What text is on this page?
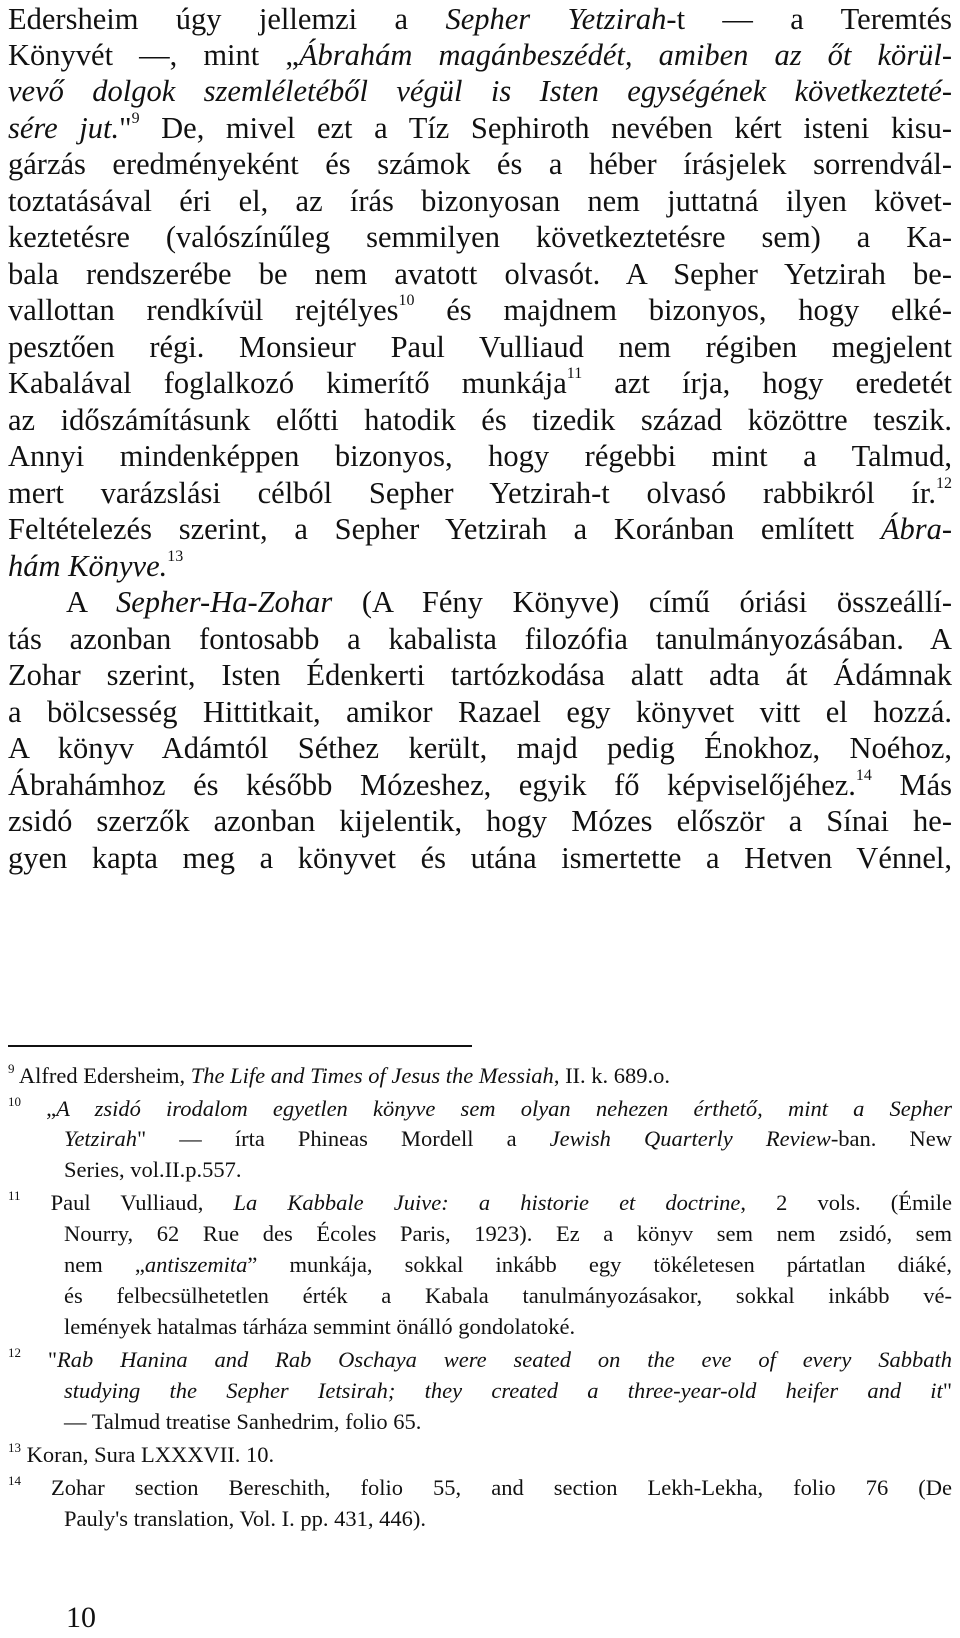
Edersheim úgy jellemzi a Sepher Yetzirah-t — a Teremtés

Könyvét —, mint „Ábrahám magánbeszédét, amiben az őt körül-

vevő dolgok szemléletéből végül is Isten egységének következteté-

sére jut."$^9$ De, mivel ezt a Tíz Sephiroth nevében kért isteni kisu-

gárzás eredményeként és számok és a héber írásjelek sorrendvál-

toztatásával éri el, az írás bizonyosan nem juttatná ilyen követ-

keztetésre (valószínűleg semmilyen következtetésre sem) a Ka-

bala rendszerébe be nem avatott olvasót. A Sepher Yetzirah be-

vallottan rendkívül rejtélyes$^{10}$ és majdnem bizonyos, hogy elké-

pesztően régi. Monsieur Paul Vulliaud nem régiben megjelent

Kabalával foglalkozó kimerítő munkája$^{11}$ azt írja, hogy eredetét

az időszámításunk előtti hatodik és tizedik század közöttre teszik.

Annyi mindenképpen bizonyos, hogy régebbi mint a Talmud,

mert varázslási célból Sepher Yetzirah-t olvasó rabbikról ír.$^{12}$

Feltételezés szerint, a Sepher Yetzirah a Koránban említett Ábra-

hám Könyve.$^{13}$

A Sepher-Ha-Zohar (A Fény Könyve) című óriási összeállí-

tás azonban fontosabb a kabalista filozófia tanulmányozásában. A

Zohar szerint, Isten Édenkerti tartózkodása alatt adta át Ádámnak

a bölcsesség Hittitkait, amikor Razael egy könyvet vitt el hozzá.

A könyv Adámtól Séthez került, majd pedig Énokhoz, Noéhoz,

Ábrahámhoz és később Mózeshez, egyik fő képviselőjéhez.$^{14}$ Más

zsidó szerzők azonban kijelentik, hogy Mózes először a Sínai he-

gyen kapta meg a könyvet és utána ismertette a Hetven Vénnel,

$^9$ Alfred Edersheim, The Life and Times of Jesus the Messiah, II. k. 689.o.

$^{10}$ „A zsidó irodalom egyetlen könyve sem olyan nehezen érthető, mint a Sepher

Yetzirah" — írta Phineas Mordell a Jewish Quarterly Review-ban. New

Series, vol.II.p.557.

$^{11}$ Paul Vulliaud, La Kabbale Juive: a historie et doctrine, 2 vols. (Émile

Nourry, 62 Rue des Écoles Paris, 1923). Ez a könyv sem nem zsidó, sem

nem „antiszemita” munkája, sokkal inkább egy tökéletesen pártatlan diáké,

és felbecsülhetetlen érték a Kabala tanulmányozásakor, sokkal inkább vé-

lemények hatalmas tárháza semmint önálló gondolatoké.

$^{12}$ "Rab Hanina and Rab Oschaya were seated on the eve of every Sabbath

studying the Sepher Ietsirah; they created a three-year-old heifer and it"

— Talmud treatise Sanhedrim, folio 65.

$^{13}$ Koran, Sura LXXXVII. 10.

$^{14}$ Zohar section Bereschith, folio 55, and section Lekh-Lekha, folio 76 (De

Pauly's translation, Vol. I. pp. 431, 446).

10
